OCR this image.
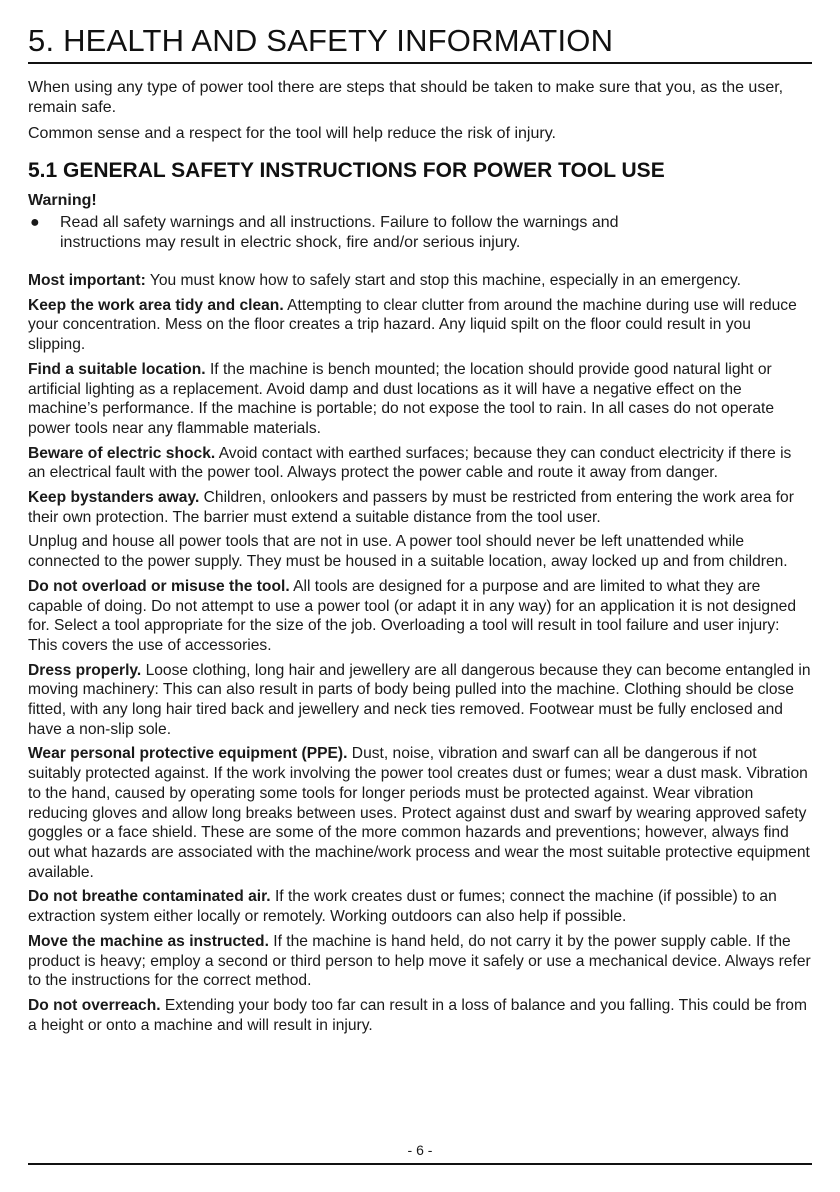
5. HEALTH AND SAFETY INFORMATION

When using any type of power tool there are steps that should be taken to make sure that you, as the user, remain safe.

Common sense and a respect for the tool will help reduce the risk of injury.

5.1 GENERAL SAFETY INSTRUCTIONS FOR POWER TOOL USE
Warning!
●	Read all safety warnings and all instructions. Failure to follow the warnings and instructions may result in electric shock, fire and/or serious injury.

Most important: You must know how to safely start and stop this machine, especially in an emergency.

Keep the work area tidy and clean. Attempting to clear clutter from around the machine during use will reduce your concentration. Mess on the floor creates a trip hazard. Any liquid spilt on the floor could result in you slipping.

Find a suitable location. If the machine is bench mounted; the location should provide good natural light or artificial lighting as a replacement. Avoid damp and dust locations as it will have a negative effect on the machine’s performance. If the machine is portable; do not expose the tool to rain. In all cases do not operate power tools near any flammable materials.

Beware of electric shock. Avoid contact with earthed surfaces; because they can conduct electricity if there is an electrical fault with the power tool. Always protect the power cable and route it away from danger.

Keep bystanders away. Children, onlookers and passers by must be restricted from entering the work area for their own protection. The barrier must extend a suitable distance from the tool user.

Unplug and house all power tools that are not in use. A power tool should never be left unattended while connected to the power supply. They must be housed in a suitable location, away locked up and from children.

Do not overload or misuse the tool. All tools are designed for a purpose and are limited to what they are capable of doing. Do not attempt to use a power tool (or adapt it in any way) for an application it is not designed for. Select a tool appropriate for the size of the job. Overloading a tool will result in tool failure and user injury: This covers the use of accessories.

Dress properly. Loose clothing, long hair and jewellery are all dangerous because they can become entangled in moving machinery: This can also result in parts of body being pulled into the machine. Clothing should be close fitted, with any long hair tired back and jewellery and neck ties removed. Footwear must be fully enclosed and have a non-slip sole.

Wear personal protective equipment (PPE). Dust, noise, vibration and swarf can all be dangerous if not suitably protected against. If the work involving the power tool creates dust or fumes; wear a dust mask. Vibration to the hand, caused by operating some tools for longer periods must be protected against. Wear vibration reducing gloves and allow long breaks between uses. Protect against dust and swarf by wearing approved safety goggles or a face shield. These are some of the more common hazards and preventions; however, always find out what hazards are associated with the machine/work process and wear the most suitable protective equipment available.

Do not breathe contaminated air. If the work creates dust or fumes; connect the machine (if possible) to an extraction system either locally or remotely. Working outdoors can also help if possible.

Move the machine as instructed. If the machine is hand held, do not carry it by the power supply cable. If the product is heavy; employ a second or third person to help move it safely or use a mechanical device. Always refer to the instructions for the correct method.

Do not overreach. Extending your body too far can result in a loss of balance and you falling. This could be from a height or onto a machine and will result in injury.

- 6 -
